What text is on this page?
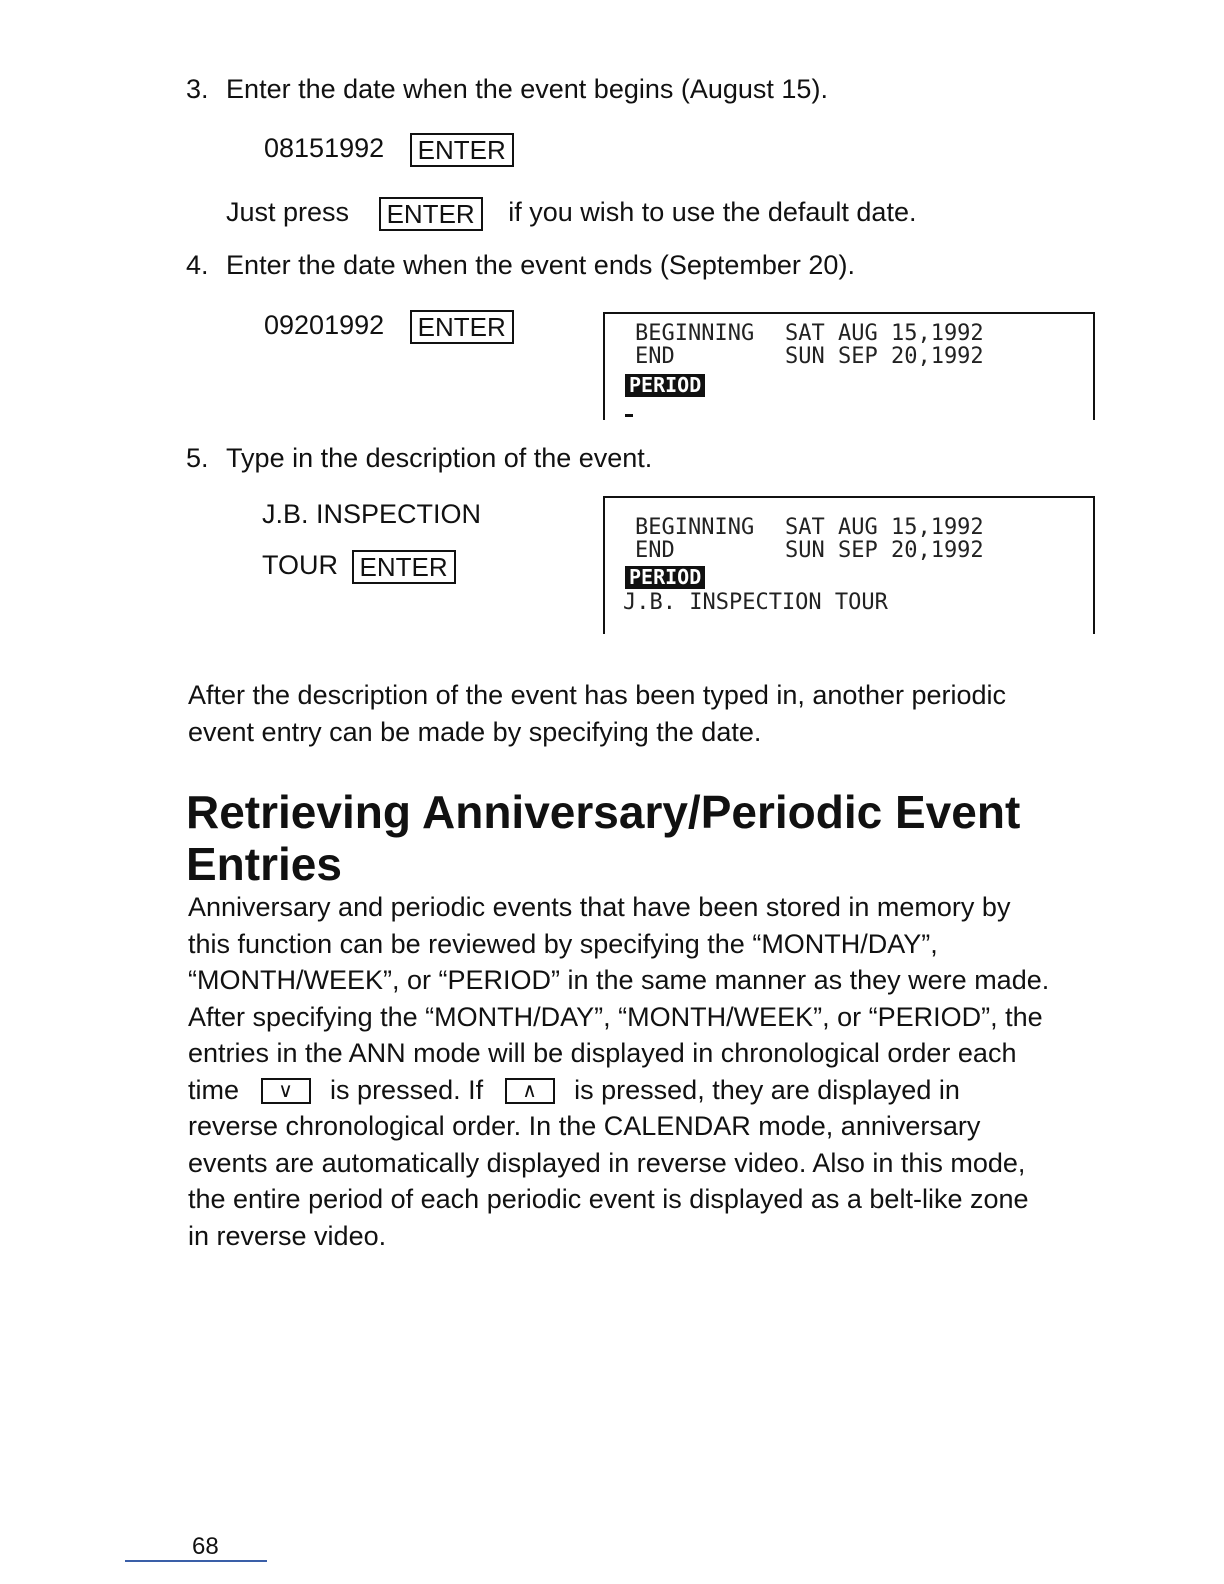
3. Enter the date when the event begins (August 15).
08151992 ENTER
Just press ENTER if you wish to use the default date.
4. Enter the date when the event ends (September 20).
09201992 ENTER	BEGINNING SAT AUG 15,1992
END	SUN SEP 20,1992
PERIOD
5. Type in the description of the event.
J.B. INSPECTION
TOUR ENTER
BEGINNING SAT AUG 15,1992
END	SUN SEP 20,1992
PERIOD
J.B. INSPECTION TOUR
After the description of the event has been typed in, another periodic
event entry can be made by specifying the date.
Retrieving Anniversary/Periodic Event
Entries
Anniversary and periodic events that have been stored in memory by
this function can be reviewed by specifying the “MONTH/DAY”,
“MONTH/WEEK”, or “PERIOD” in the same manner as they were made.
After specifying the “MONTH/DAY”, “MONTH/WEEK”, or “PERIOD”, the
entries in the ANN mode will be displayed in chronological order each
time ∨ is pressed. If ∧ is pressed, they are displayed in
reverse chronological order. In the CALENDAR mode, anniversary
events are automatically displayed in reverse video. Also in this mode,
the entire period of each periodic event is displayed as a belt-like zone
in reverse video.
68
